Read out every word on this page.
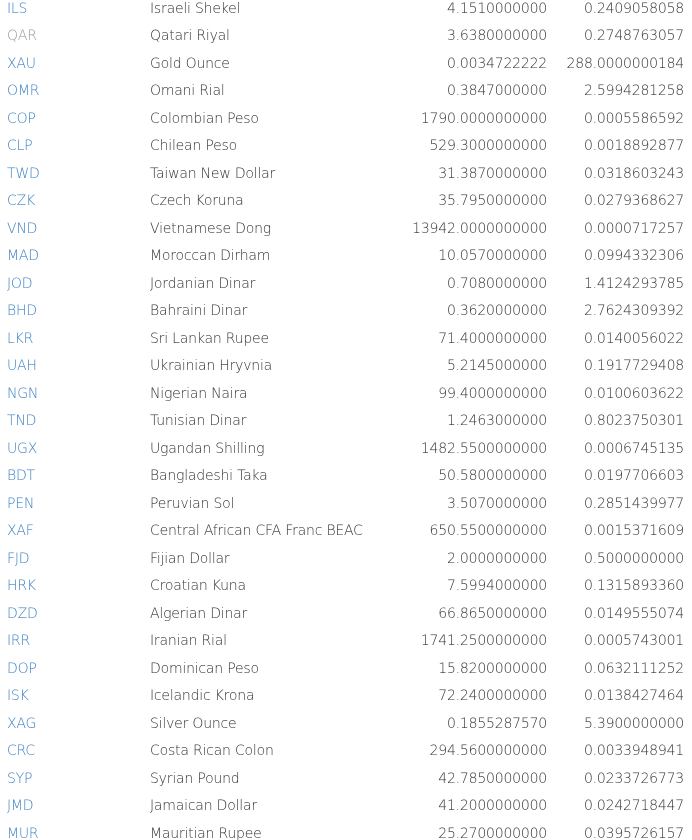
ILS	Israeli Shekel	4.1510000000	0.2409058058
QAR	Qatari Riyal	3.6380000000	0.2748763057
XAU	Gold Ounce	0.0034722222	288.0000000184
OMR	Omani Rial	0.3847000000	2.5994281258
COP	Colombian Peso	1790.0000000000	0.0005586592
CLP	Chilean Peso	529.3000000000	0.0018892877
TWD	Taiwan New Dollar	31.3870000000	0.0318603243
CZK	Czech Koruna	35.7950000000	0.0279368627
VND	Vietnamese Dong	13942.0000000000	0.0000717257
MAD	Moroccan Dirham	10.0570000000	0.0994332306
JOD	Jordanian Dinar	0.7080000000	1.4124293785
BHD	Bahraini Dinar	0.3620000000	2.7624309392
LKR	Sri Lankan Rupee	71.4000000000	0.0140056022
UAH	Ukrainian Hryvnia	5.2145000000	0.1917729408
NGN	Nigerian Naira	99.4000000000	0.0100603622
TND	Tunisian Dinar	1.2463000000	0.8023750301
UGX	Ugandan Shilling	1482.5500000000	0.0006745135
BDT	Bangladeshi Taka	50.5800000000	0.0197706603
PEN	Peruvian Sol	3.5070000000	0.2851439977
XAF	Central African CFA Franc BEAC	650.5500000000	0.0015371609
FJD	Fijian Dollar	2.0000000000	0.5000000000
HRK	Croatian Kuna	7.5994000000	0.1315893360
DZD	Algerian Dinar	66.8650000000	0.0149555074
IRR	Iranian Rial	1741.2500000000	0.0005743001
DOP	Dominican Peso	15.8200000000	0.0632111252
ISK	Icelandic Krona	72.2400000000	0.0138427464
XAG	Silver Ounce	0.1855287570	5.3900000000
CRC	Costa Rican Colon	294.5600000000	0.0033948941
SYP	Syrian Pound	42.7850000000	0.0233726773
JMD	Jamaican Dollar	41.2000000000	0.0242718447
MUR	Mauritian Rupee	25.2700000000	0.0395726157
